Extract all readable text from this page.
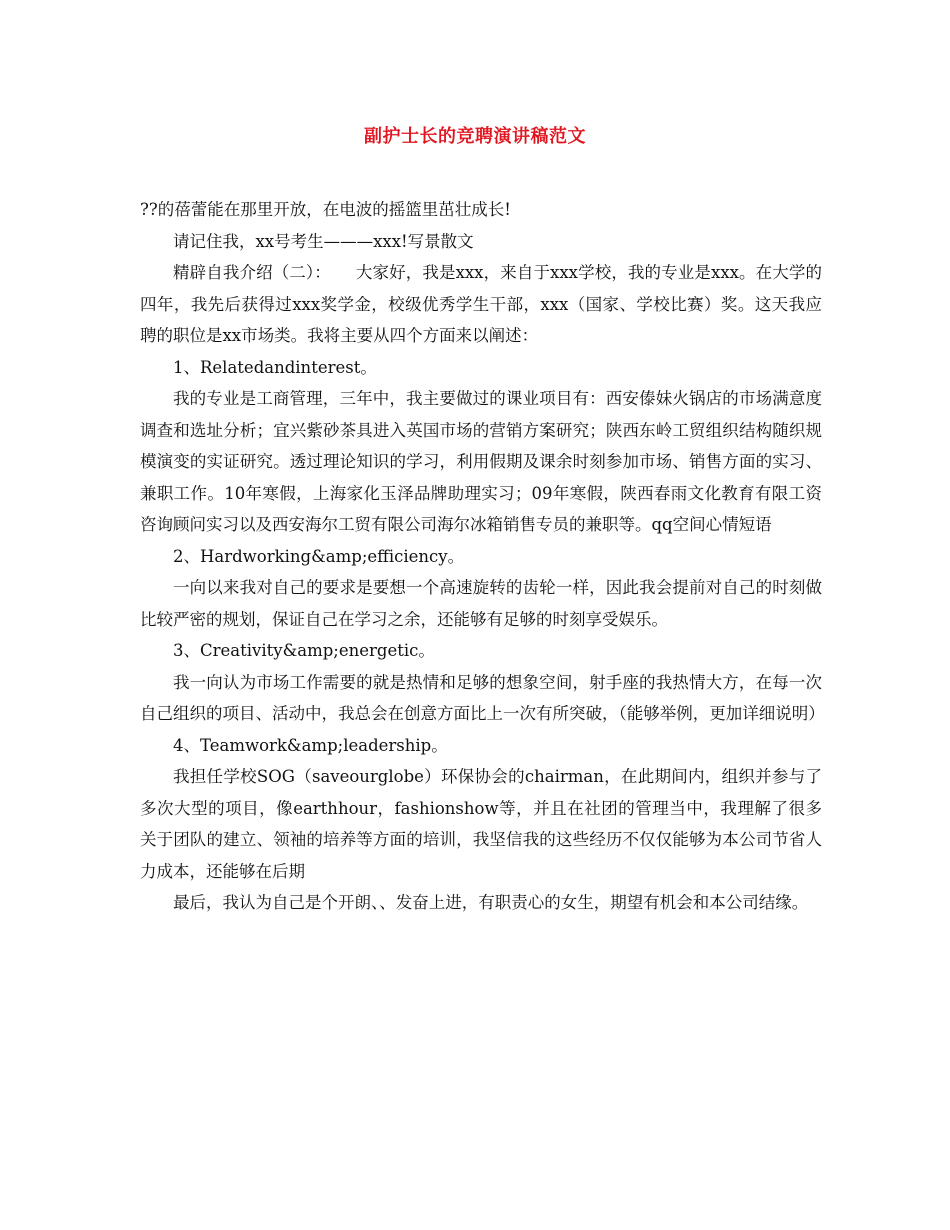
副护士长的竞聘演讲稿范文

??的蓓蕾能在那里开放，在电波的摇篮里茁壮成长!

请记住我，xx号考生———xxx!写景散文

精辟自我介绍（二）：　　大家好，我是xxx，来自于xxx学校，我的专业是xxx。在大学的四年，我先后获得过xxx奖学金，校级优秀学生干部，xxx（国家、学校比赛）奖。这天我应聘的职位是xx市场类。我将主要从四个方面来以阐述：

1、Relatedandinterest。

我的专业是工商管理，三年中，我主要做过的课业项目有：西安傣妹火锅店的市场满意度调查和选址分析；宜兴紫砂茶具进入英国市场的营销方案研究；陕西东岭工贸组织结构随织规模演变的实证研究。透过理论知识的学习，利用假期及课余时刻参加市场、销售方面的实习、兼职工作。10年寒假，上海家化玉泽品牌助理实习；09年寒假，陕西春雨文化教育有限工资咨询顾问实习以及西安海尔工贸有限公司海尔冰箱销售专员的兼职等。qq空间心情短语

2、Hardworking&amp;efficiency。

一向以来我对自己的要求是要想一个高速旋转的齿轮一样，因此我会提前对自己的时刻做比较严密的规划，保证自己在学习之余，还能够有足够的时刻享受娱乐。

3、Creativity&amp;energetic。

我一向认为市场工作需要的就是热情和足够的想象空间，射手座的我热情大方，在每一次自己组织的项目、活动中，我总会在创意方面比上一次有所突破，（能够举例，更加详细说明）

4、Teamwork&amp;leadership。

我担任学校SOG（saveourglobe）环保协会的chairman，在此期间内，组织并参与了多次大型的项目，像earthhour，fashionshow等，并且在社团的管理当中，我理解了很多关于团队的建立、领袖的培养等方面的培训，我坚信我的这些经历不仅仅能够为本公司节省人力成本，还能够在后期

最后，我认为自己是个开朗、、发奋上进，有职责心的女生，期望有机会和本公司结缘。
